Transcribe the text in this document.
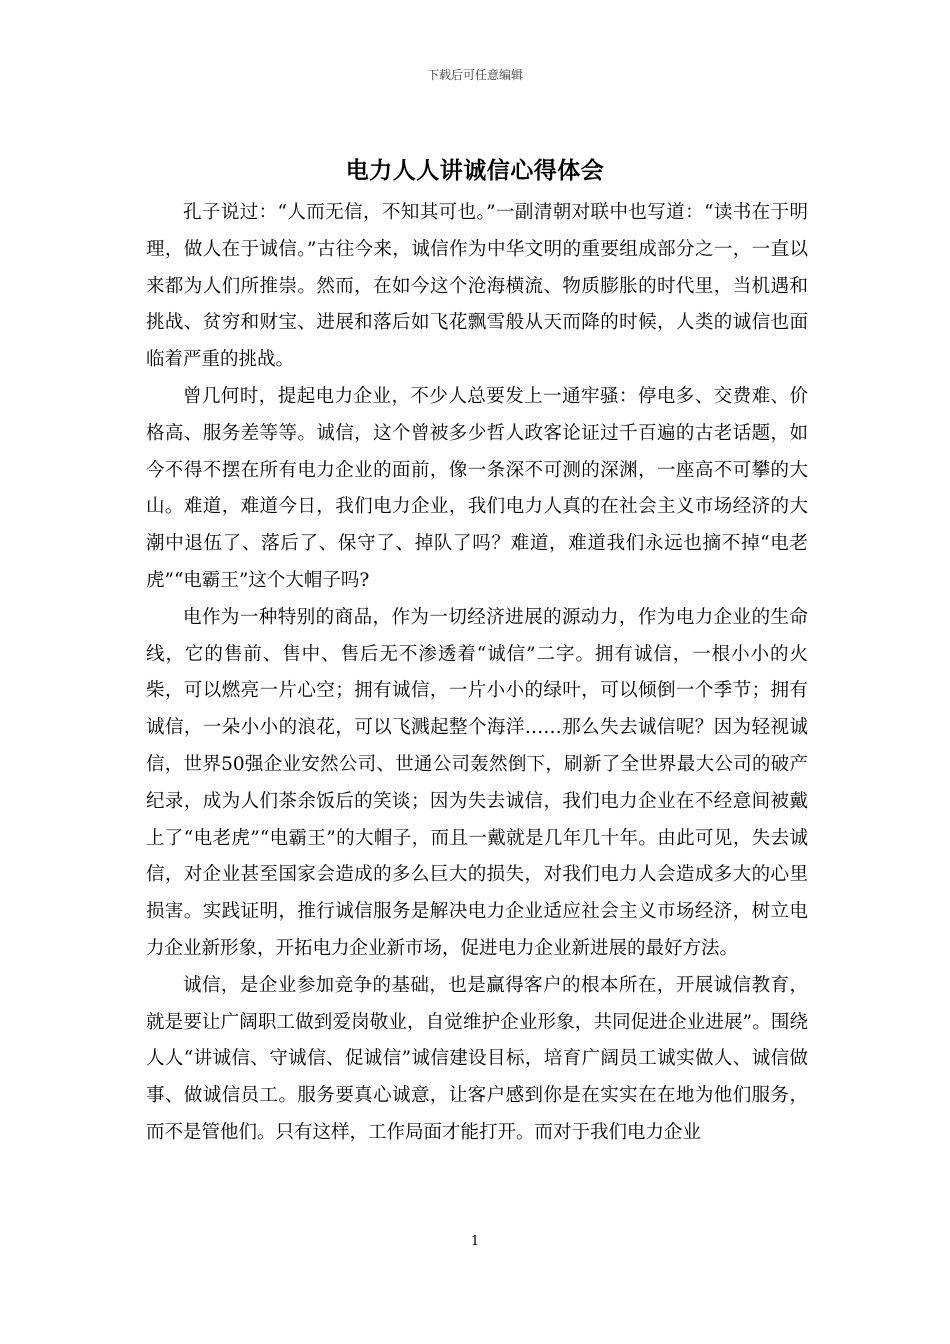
下载后可任意编辑
电力人人讲诚信心得体会

孔子说过：“人而无信，不知其可也。”一副清朝对联中也写道：“读书在于明理，做人在于诚信。”古往今来，诚信作为中华文明的重要组成部分之一，一直以来都为人们所推崇。然而，在如今这个沧海横流、物质膨胀的时代里，当机遇和挑战、贫穷和财宝、进展和落后如飞花飘雪般从天而降的时候，人类的诚信也面临着严重的挑战。

曾几何时，提起电力企业，不少人总要发上一通牢骚：停电多、交费难、价格高、服务差等等。诚信，这个曾被多少哲人政客论证过千百遍的古老话题，如今不得不摆在所有电力企业的面前，像一条深不可测的深渊，一座高不可攀的大山。难道，难道今日，我们电力企业，我们电力人真的在社会主义市场经济的大潮中退伍了、落后了、保守了、掉队了吗？难道，难道我们永远也摘不掉“电老虎”“电霸王”这个大帽子吗?

电作为一种特别的商品，作为一切经济进展的源动力，作为电力企业的生命线，它的售前、售中、售后无不渗透着“诚信”二字。拥有诚信，一根小小的火柴，可以燃亮一片心空；拥有诚信，一片小小的绿叶，可以倾倒一个季节；拥有诚信，一朵小小的浪花，可以飞溅起整个海洋……那么失去诚信呢？因为轻视诚信，世界50强企业安然公司、世通公司轰然倒下，刷新了全世界最大公司的破产纪录，成为人们茶余饭后的笑谈；因为失去诚信，我们电力企业在不经意间被戴上了“电老虎”“电霸王”的大帽子，而且一戴就是几年几十年。由此可见，失去诚信，对企业甚至国家会造成的多么巨大的损失，对我们电力人会造成多大的心里损害。实践证明，推行诚信服务是解决电力企业适应社会主义市场经济，树立电力企业新形象，开拓电力企业新市场，促进电力企业新进展的最好方法。

诚信，是企业参加竞争的基础，也是赢得客户的根本所在，开展诚信教育，就是要让广阔职工做到爱岗敬业，自觉维护企业形象，共同促进企业进展”。围绕人人“讲诚信、守诚信、促诚信”诚信建设目标，培育广阔员工诚实做人、诚信做事、做诚信员工。服务要真心诚意，让客户感到你是在实实在在地为他们服务，而不是管他们。只有这样，工作局面才能打开。而对于我们电力企业

1
